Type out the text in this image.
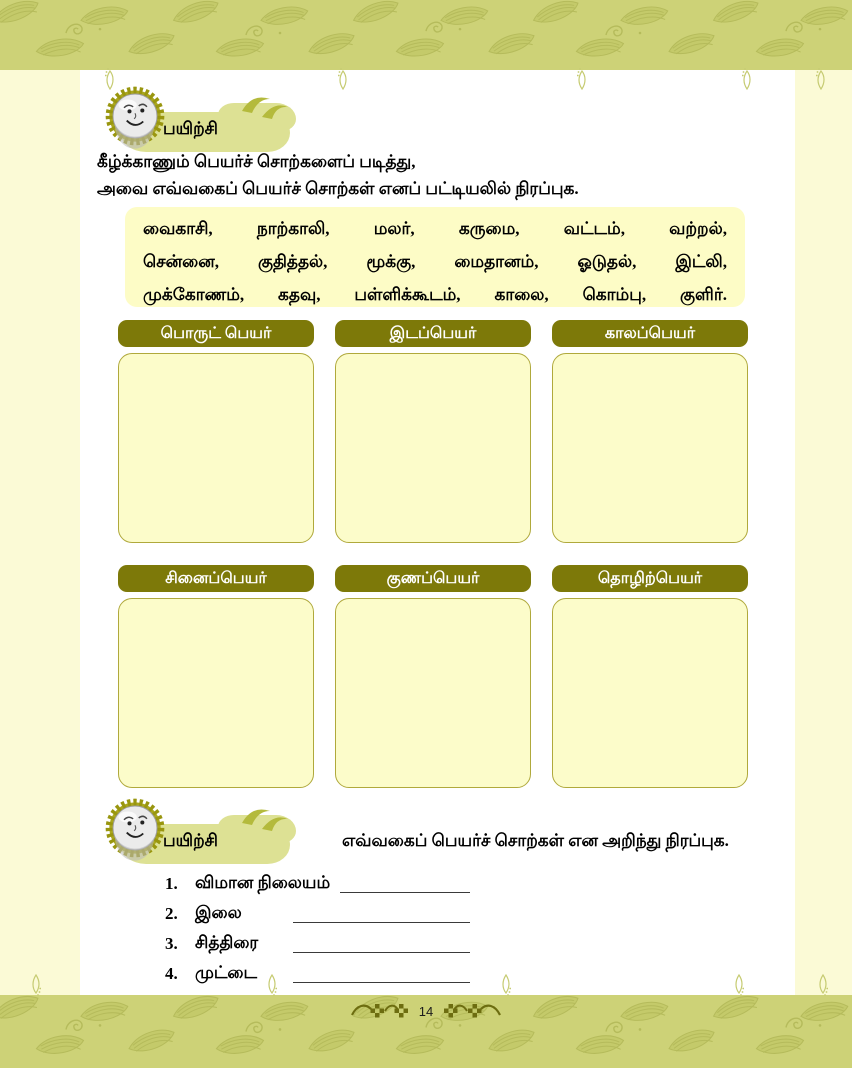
பயிற்சி
கீழ்க்காணும் பெயர்ச் சொற்களைப் படித்து,
அவை எவ்வகைப் பெயர்ச் சொற்கள் எனப் பட்டியலில் நிரப்புக.
வைகாசி,	நாற்காலி,	மலர்,	கருமை,	வட்டம்,	வற்றல்,
சென்னை, குதித்தல், மூக்கு, மைதானம், ஓடுதல், இட்லி,
முக்கோணம், கதவு, பள்ளிக்கூடம், காலை, கொம்பு, குளிர்.
பொருட் பெயர்	இடப்பெயர்	காலப்பெயர்
சினைப்பெயர்	குணப்பெயர்	தொழிற்பெயர்
பயிற்சி	எவ்வகைப் பெயர்ச் சொற்கள் என அறிந்து நிரப்புக.
1.	விமான நிலையம்
2.	இலை
3.	சித்திரை
4.	முட்டை
14
